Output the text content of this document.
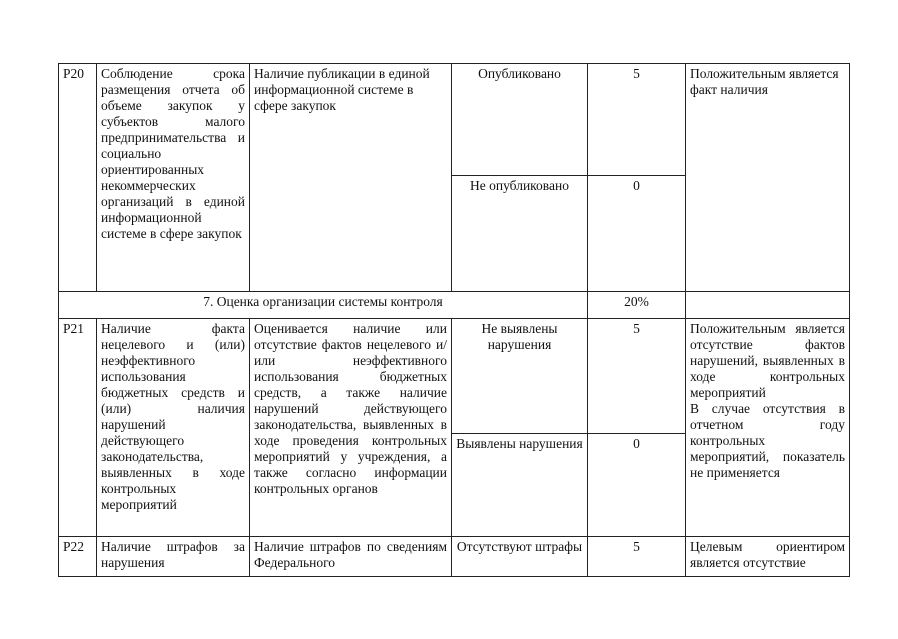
Р20	Соблюдение срока размещения отчета об объеме закупок у субъектов малого предпринимательства и социально ориентированных некоммерческих организаций в единой информационной системе в сфере закупок	Наличие публикации в единой информационной системе в сфере закупок	Опубликовано	5	Положительным является факт наличия
			Не опубликовано	0	
7. Оценка организации системы контроля				20%	
Р21	Наличие факта нецелевого и (или) неэффективного использования бюджетных средств и (или) наличия нарушений действующего законодательства, выявленных в ходе контрольных мероприятий	Оценивается наличие или отсутствие фактов нецелевого и/или неэффективного использования бюджетных средств, а также наличие нарушений действующего законодательства, выявленных в ходе проведения контрольных мероприятий у учреждения, а также согласно информации контрольных органов	Не выявлены нарушения	5	Положительным является отсутствие фактов нарушений, выявленных в ходе контрольных мероприятий
В случае отсутствия в отчетном году контрольных мероприятий, показатель не применяется

			Выявлены нарушения	0	
Р22	Наличие штрафов за нарушения	Наличие штрафов по сведениям Федерального	Отсутствуют штрафы	5	Целевым ориентиром является отсутствие
